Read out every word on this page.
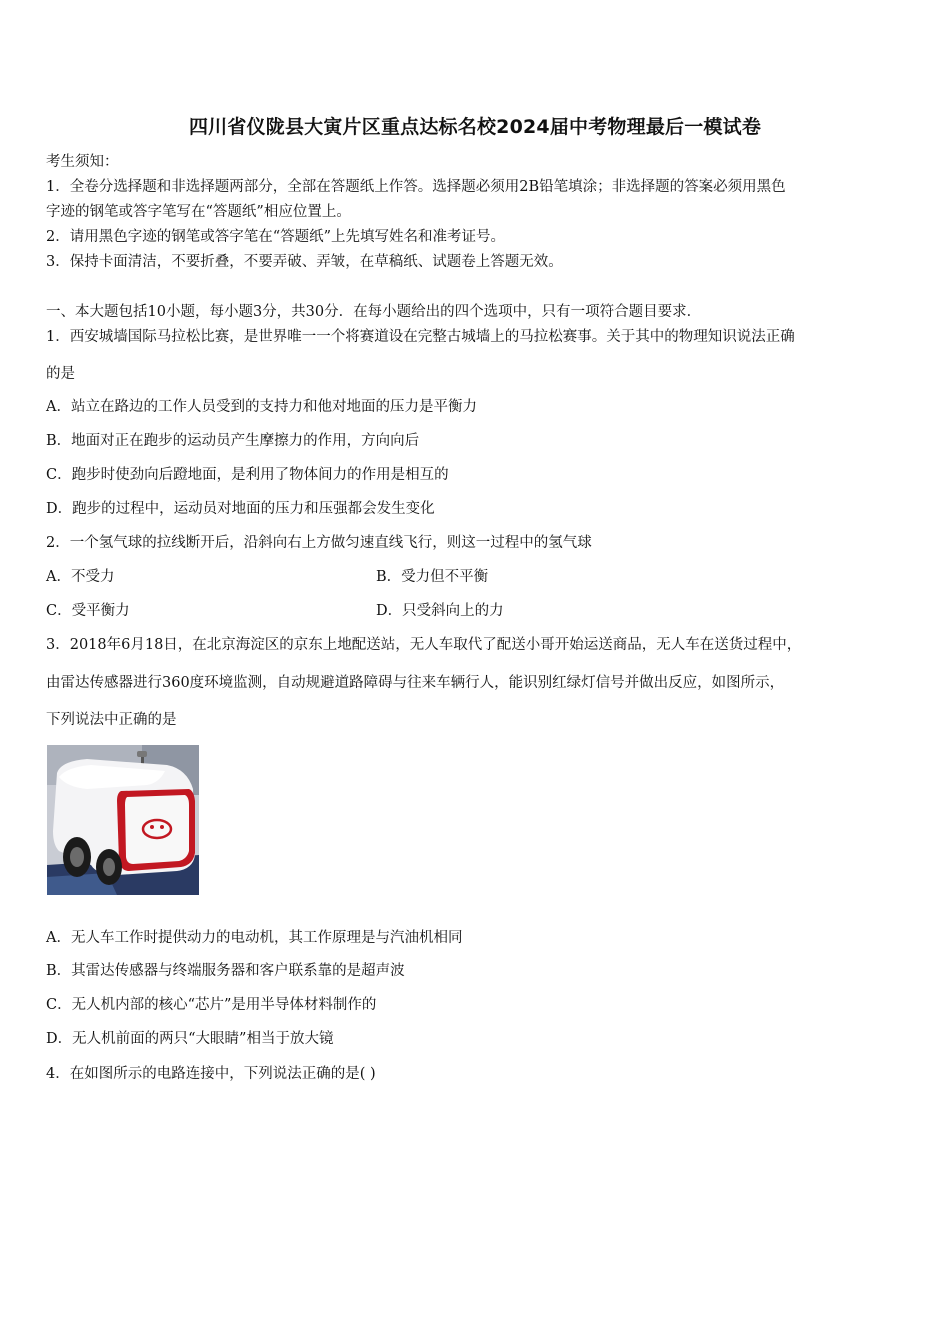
四川省仪陇县大寅片区重点达标名校2024届中考物理最后一模试卷
考生须知：
1．全卷分选择题和非选择题两部分，全部在答题纸上作答。选择题必须用2B铅笔填涂；非选择题的答案必须用黑色
字迹的钢笔或答字笔写在“答题纸”相应位置上。
2．请用黑色字迹的钢笔或答字笔在“答题纸”上先填写姓名和准考证号。
3．保持卡面清洁，不要折叠，不要弄破、弄皱，在草稿纸、试题卷上答题无效。
一、本大题包括10小题，每小题3分，共30分．在每小题给出的四个选项中，只有一项符合题目要求．
1．西安城墙国际马拉松比赛，是世界唯一一个将赛道设在完整古城墙上的马拉松赛事。关于其中的物理知识说法正确
的是
A．站立在路边的工作人员受到的支持力和他对地面的压力是平衡力
B．地面对正在跑步的运动员产生摩擦力的作用，方向向后
C．跑步时使劲向后蹬地面，是利用了物体间力的作用是相互的
D．跑步的过程中，运动员对地面的压力和压强都会发生变化
2．一个氢气球的拉线断开后，沿斜向右上方做匀速直线飞行，则这一过程中的氢气球
A．不受力	B．受力但不平衡
C．受平衡力	D．只受斜向上的力
3．2018年6月18日，在北京海淀区的京东上地配送站，无人车取代了配送小哥开始运送商品，无人车在送货过程中，
由雷达传感器进行360度环境监测，自动规避道路障碍与往来车辆行人，能识别红绿灯信号并做出反应，如图所示，
下列说法中正确的是
A．无人车工作时提供动力的电动机，其工作原理是与汽油机相同
B．其雷达传感器与终端服务器和客户联系靠的是超声波
C．无人机内部的核心“芯片”是用半导体材料制作的
D．无人机前面的两只“大眼睛”相当于放大镜
4．在如图所示的电路连接中，下列说法正确的是( )
